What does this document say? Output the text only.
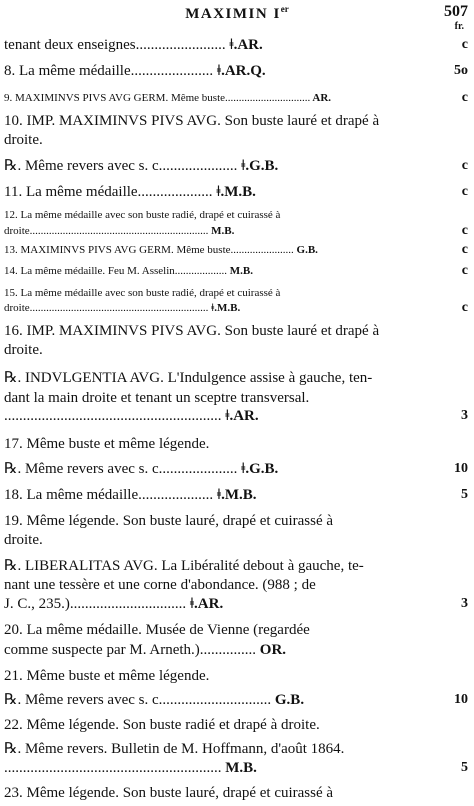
MAXIMIN Ier	507
fr.
tenant deux enseignes........................ ǂ.AR.	c
8. La même médaille...................... ǂ.AR.Q.	5o
9. MAXIMINVS PIVS AVG GERM. Même buste............................... AR.	c
10. IMP. MAXIMINVS PIVS AVG. Son buste lauré et drapé à
droite.
℞. Même revers avec s. c..................... ǂ.G.B.	c
11. La même médaille.................... ǂ.M.B.	c
12. La même médaille avec son buste radié, drapé et cuirassé à
droite................................................................. M.B.	c
13. MAXIMINVS PIVS AVG GERM. Même buste....................... G.B.	c
14. La même médaille. Feu M. Asselin................... M.B.	c
15. La même médaille avec son buste radié, drapé et cuirassé à
droite................................................................. ǂ.M.B.	c
16. IMP. MAXIMINVS PIVS AVG. Son buste lauré et drapé à
droite.
℞. INDVLGENTIA AVG. L'Indulgence assise à gauche, ten-
dant la main droite et tenant un sceptre transversal.
.......................................................... ǂ.AR.	3
17. Même buste et même légende.
℞. Même revers avec s. c..................... ǂ.G.B.	10
18. La même médaille.................... ǂ.M.B.	5
19. Même légende. Son buste lauré, drapé et cuirassé à
droite.
℞. LIBERALITAS AVG. La Libéralité debout à gauche, te-
nant une tessère et une corne d'abondance. (988 ; de
J. C., 235.)............................... ǂ.AR.	3
20. La même médaille. Musée de Vienne (regardée
comme suspecte par M. Arneth.)............... OR.
21. Même buste et même légende.
℞. Même revers avec s. c.............................. G.B.	10
22. Même légende. Son buste radié et drapé à droite.
℞. Même revers. Bulletin de M. Hoffmann, d'août 1864.
.......................................................... M.B.	5
23. Même légende. Son buste lauré, drapé et cuirassé à
